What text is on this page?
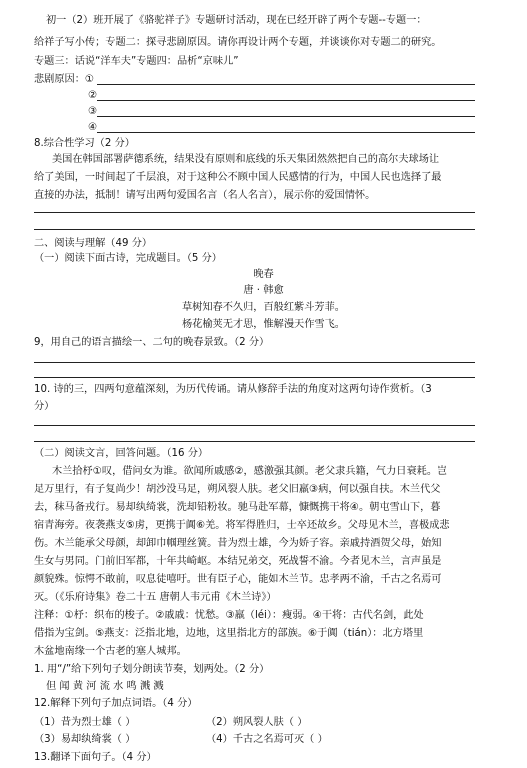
初一（2）班开展了《骆驼祥子》专题研讨活动，现在已经开辟了两个专题--专题一：
给祥子写小传；专题二：探寻悲剧原因。请你再设计两个专题，并谈谈你对专题二的研究。
专题三：话说“洋车夫”专题四：品析“京味儿”
悲剧原因：①
②
③
④
8.综合性学习（2 分）
美国在韩国部署萨德系统，结果没有原则和底线的乐天集团然然把自己的高尔夫球场让
给了美国，一时间起了千层浪，对于这种公不顾中国人民感情的行为，中国人民也选择了最
直接的办法，抵制！请写出两句爱国名言（名人名言），展示你的爱国情怀。
二、阅读与理解（49 分）
（一）阅读下面古诗，完成题目。（5 分）
晚春
唐 · 韩愈
草树知春不久归，百般红紫斗芳菲。
杨花榆荚无才思，惟解漫天作雪飞。
9，用自己的语言描绘一、二句的晚春景致。（2 分）
10. 诗的三，四两句意蕴深刻，为历代传诵。请从修辞手法的角度对这两句诗作赏析。（3
分）
（二）阅读文言，回答问题。（16 分）
木兰拾杼①叹，借问女为谁。欲闻所戚感②，感激强其颜。老父隶兵籍，气力日衰耗。岂
足万里行，有子复尚少！胡沙没马足，朔风裂人肤。老父旧羸③病，何以强自扶。木兰代父
去，秣马备戎行。易却纨绮裳，洗却铅粉妆。驰马赴军幕，慷慨携干将④。朝屯雪山下，暮
宿青海旁。夜袭燕支⑤虏，更携于阗⑥羌。将军得胜归，士卒还故乡。父母见木兰，喜极成悲
伤。木兰能承父母颜，却卸巾帼理丝簧。昔为烈士雄，今为娇子容。亲戚持酒贺父母，始知
生女与男同。门前旧军都，十年共崎岖。本结兄弟交，死战誓不渝。今者见木兰，言声虽是
颜貌殊。惊愕不敢前，叹息徒嘻吁。世有臣子心，能如木兰节。忠孝两不渝，千古之名焉可
灭。（《乐府诗集》卷二十五 唐朝人韦元甫《木兰诗》）
注释：①杼：织布的梭子。②戚戚：忧愁。③羸（léi）：瘦弱。④干将：古代名剑，此处
借指为宝剑。⑤燕支：泛指北地，边地，这里指北方的部族。⑥于阗（tián）：北方塔里
木盆地南缘一个古老的塞人城邦。
1. 用“/”给下列句子划分朗读节奏，划两处。（2 分）
但 闻 黄 河 流 水 鸣 溅 溅
12.解释下列句子加点词语。（4 分）
（1）昔为烈士雄（ ）	（2）朔风裂人肤（ ）
（3）易却纨绮裳（ ）	（4）千古之名焉可灭（ ）
13.翻译下面句子。（4 分）
